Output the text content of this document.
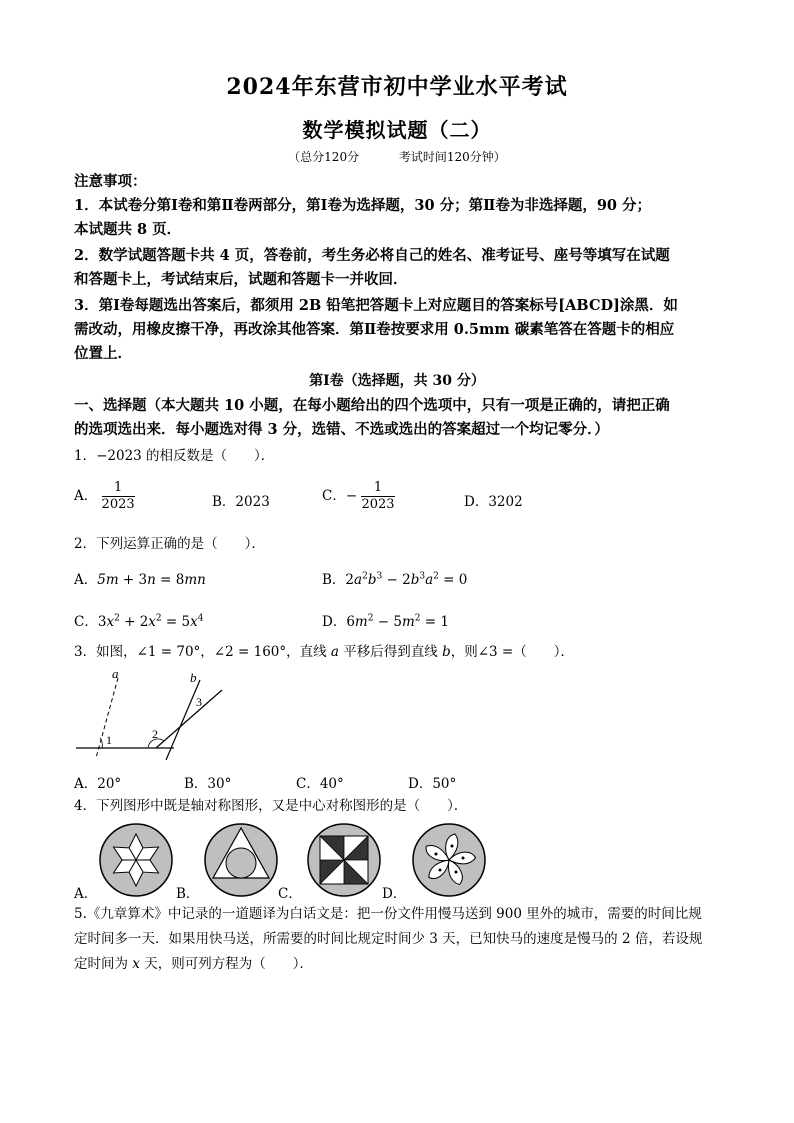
2024年东营市初中学业水平考试
数学模拟试题（二）
（总分120分	考试时间120分钟）
注意事项：
1．本试卷分第Ⅰ卷和第Ⅱ卷两部分，第Ⅰ卷为选择题，30 分；第Ⅱ卷为非选择题，90 分；
本试题共 8 页．
2．数学试题答题卡共 4 页，答卷前，考生务必将自己的姓名、准考证号、座号等填写在试题
和答题卡上，考试结束后，试题和答题卡一并收回．
3．第Ⅰ卷每题选出答案后，都须用 2B 铅笔把答题卡上对应题目的答案标号[ABCD]涂黑．如
需改动，用橡皮擦干净，再改涂其他答案．第Ⅱ卷按要求用 0.5mm 碳素笔答在答题卡的相应
位置上．
第Ⅰ卷（选择题，共 30 分）
一、选择题（本大题共 10 小题，在每小题给出的四个选项中，只有一项是正确的，请把正确
的选项选出来．每小题选对得 3 分，选错、不选或选出的答案超过一个均记零分．）
1．−2023 的相反数是（　　）．
A． $\frac{1}{2023}$	B．2023	C．− $\frac{1}{2023}$	D．3202
2．下列运算正确的是（　　）．
A．5m + 3n = 8mn	B．$2a^2b^3 - 2b^3a^2 = 0$
C．$3x^2 + 2x^2 = 5x^4$	D．$6m^2 - 5m^2 = 1$
3．如图，∠1 = 70°，∠2 = 160°，直线 a 平移后得到直线 b，则∠3 =（　　）．
a	b
1	2
3
A．20°	B．30°	C．40°	D．50°
4．下列图形中既是轴对称图形，又是中心对称图形的是（　　）．
A．	B．	C．	D．
5.《九章算术》中记录的一道题译为白话文是：把一份文件用慢马送到 900 里外的城市，需要的时间比规
定时间多一天．如果用快马送，所需要的时间比规定时间少 3 天，已知快马的速度是慢马的 2 倍，若设规
定时间为 x 天，则可列方程为（　　）．
